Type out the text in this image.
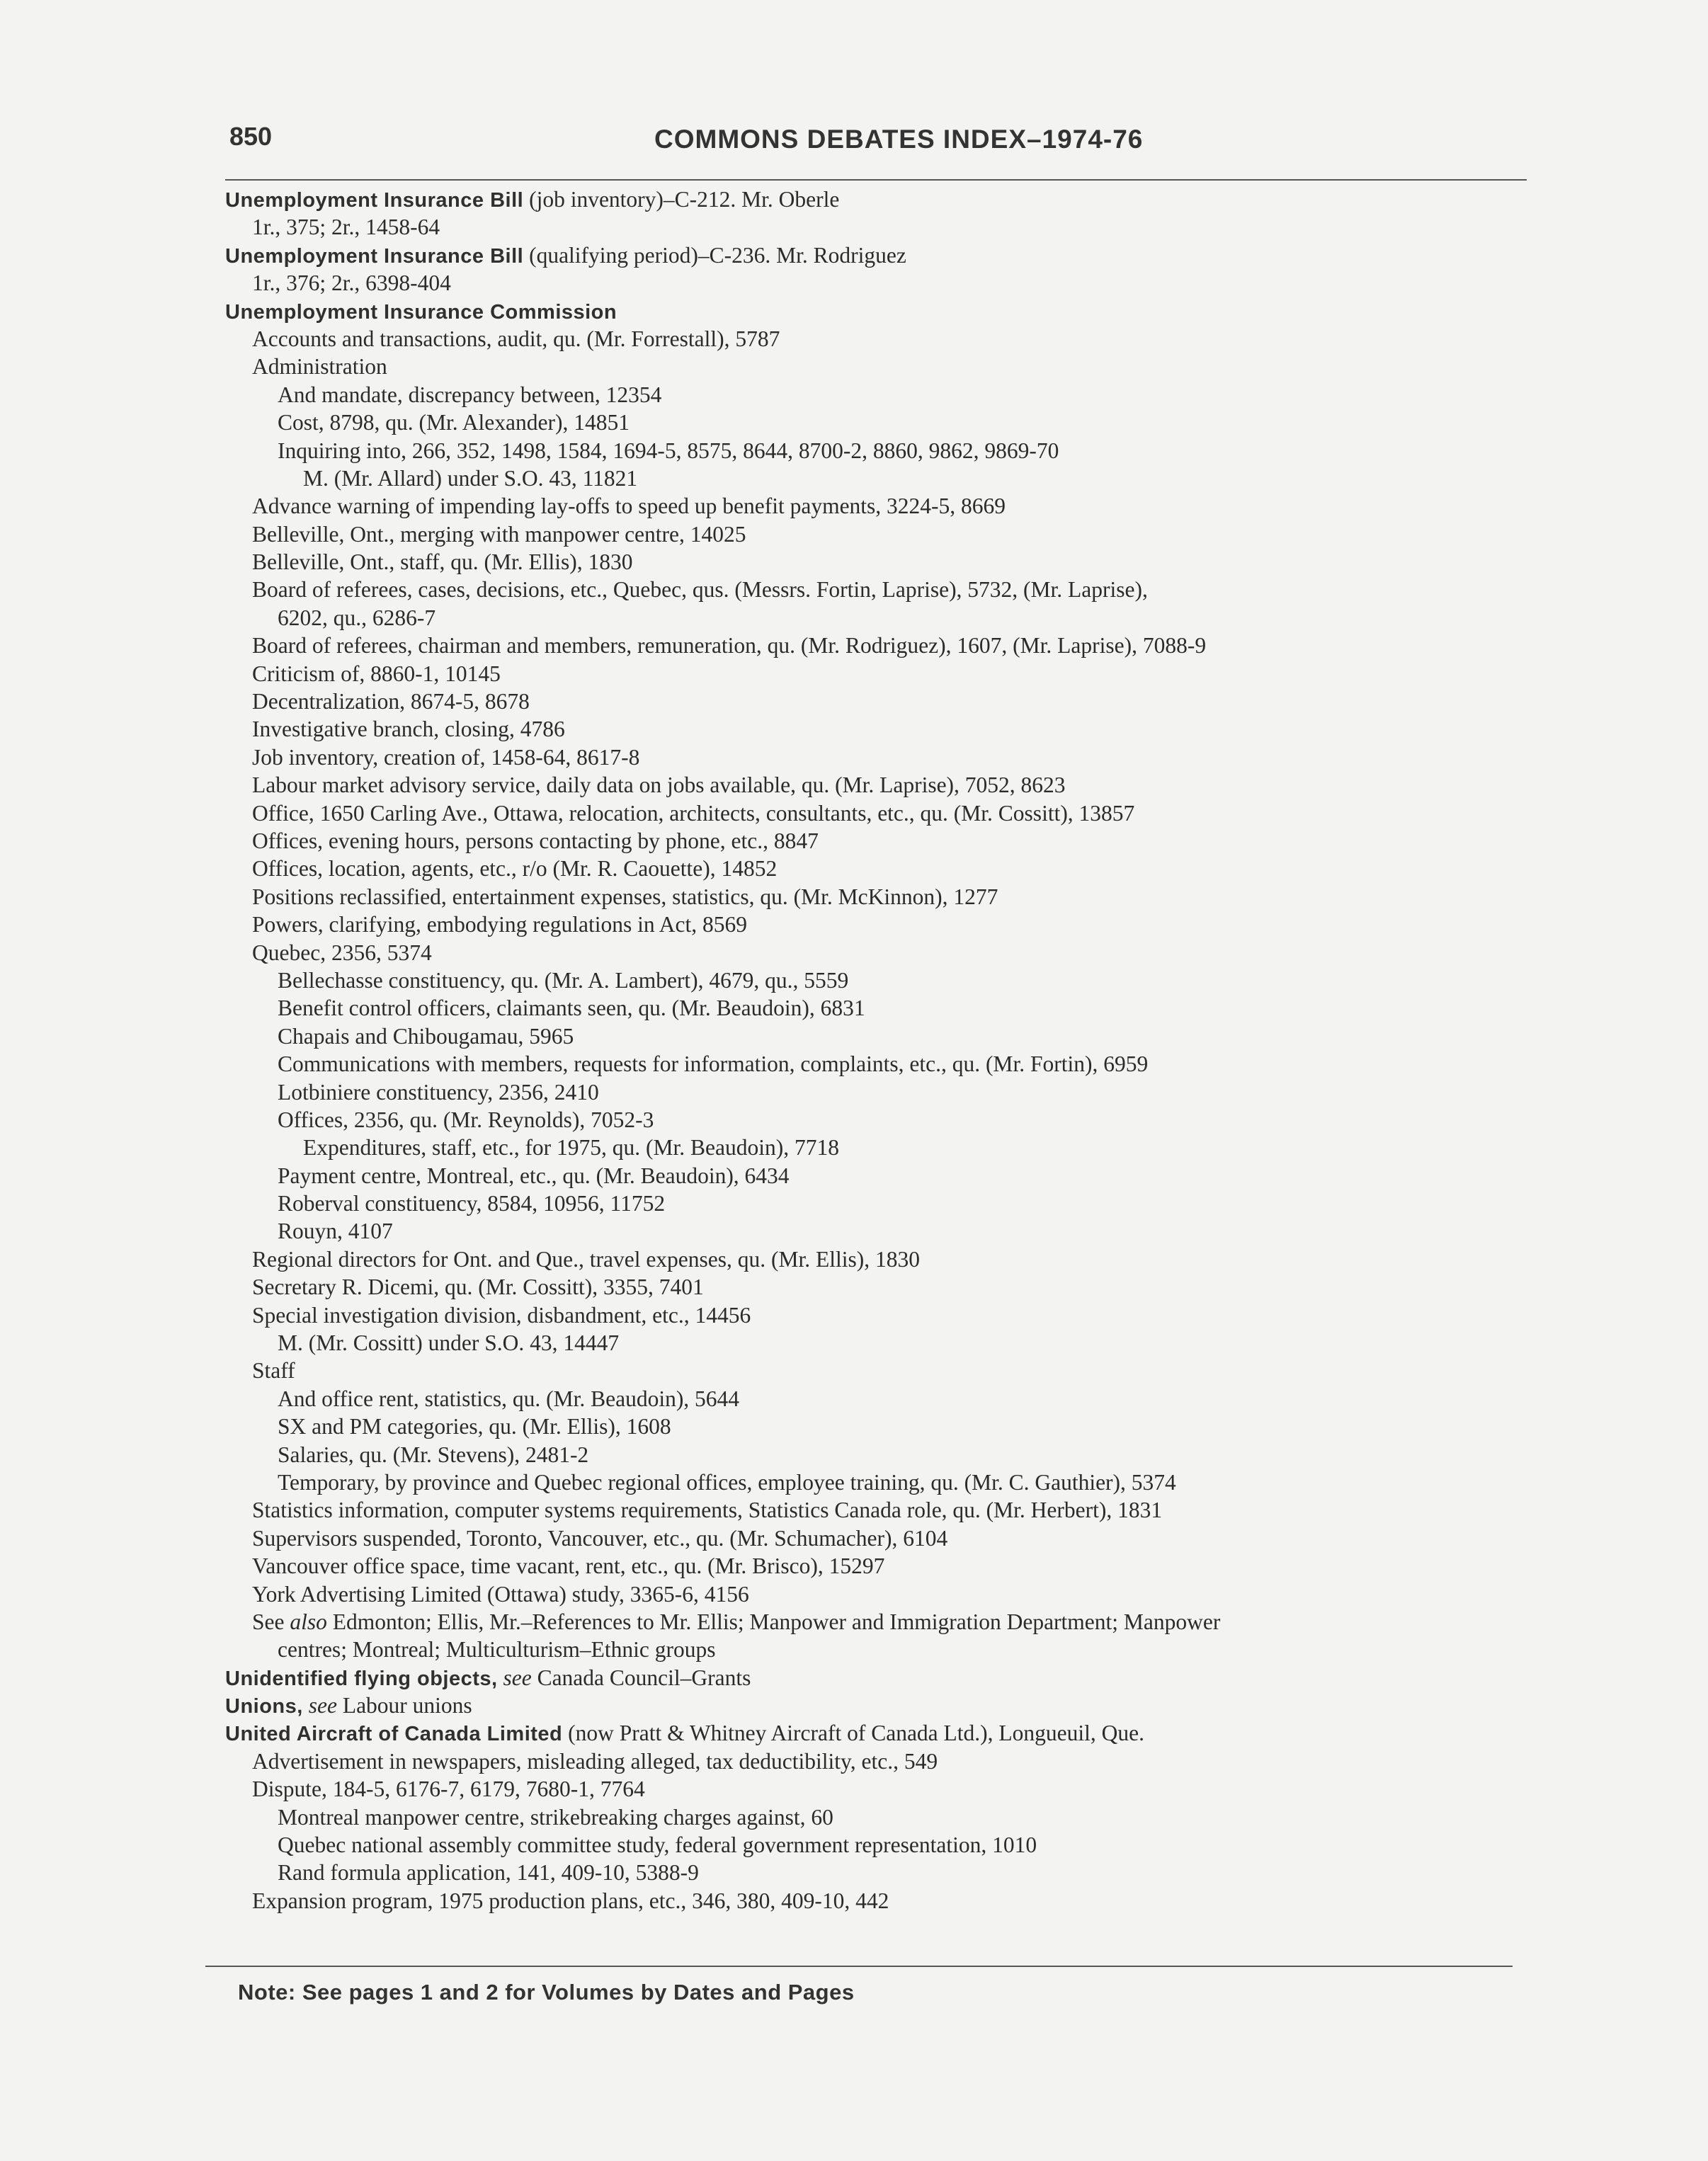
850	COMMONS DEBATES INDEX–1974-76
Unemployment Insurance Bill (job inventory)–C-212. Mr. Oberle
1r., 375; 2r., 1458-64
Unemployment Insurance Bill (qualifying period)–C-236. Mr. Rodriguez
1r., 376; 2r., 6398-404
Unemployment Insurance Commission
Accounts and transactions, audit, qu. (Mr. Forrestall), 5787
Administration
And mandate, discrepancy between, 12354
Cost, 8798, qu. (Mr. Alexander), 14851
Inquiring into, 266, 352, 1498, 1584, 1694-5, 8575, 8644, 8700-2, 8860, 9862, 9869-70
M. (Mr. Allard) under S.O. 43, 11821
Advance warning of impending lay-offs to speed up benefit payments, 3224-5, 8669
Belleville, Ont., merging with manpower centre, 14025
Belleville, Ont., staff, qu. (Mr. Ellis), 1830
Board of referees, cases, decisions, etc., Quebec, qus. (Messrs. Fortin, Laprise), 5732, (Mr. Laprise),
6202, qu., 6286-7
Board of referees, chairman and members, remuneration, qu. (Mr. Rodriguez), 1607, (Mr. Laprise), 7088-9
Criticism of, 8860-1, 10145
Decentralization, 8674-5, 8678
Investigative branch, closing, 4786
Job inventory, creation of, 1458-64, 8617-8
Labour market advisory service, daily data on jobs available, qu. (Mr. Laprise), 7052, 8623
Office, 1650 Carling Ave., Ottawa, relocation, architects, consultants, etc., qu. (Mr. Cossitt), 13857
Offices, evening hours, persons contacting by phone, etc., 8847
Offices, location, agents, etc., r/o (Mr. R. Caouette), 14852
Positions reclassified, entertainment expenses, statistics, qu. (Mr. McKinnon), 1277
Powers, clarifying, embodying regulations in Act, 8569
Quebec, 2356, 5374
Bellechasse constituency, qu. (Mr. A. Lambert), 4679, qu., 5559
Benefit control officers, claimants seen, qu. (Mr. Beaudoin), 6831
Chapais and Chibougamau, 5965
Communications with members, requests for information, complaints, etc., qu. (Mr. Fortin), 6959
Lotbiniere constituency, 2356, 2410
Offices, 2356, qu. (Mr. Reynolds), 7052-3
Expenditures, staff, etc., for 1975, qu. (Mr. Beaudoin), 7718
Payment centre, Montreal, etc., qu. (Mr. Beaudoin), 6434
Roberval constituency, 8584, 10956, 11752
Rouyn, 4107
Regional directors for Ont. and Que., travel expenses, qu. (Mr. Ellis), 1830
Secretary R. Dicemi, qu. (Mr. Cossitt), 3355, 7401
Special investigation division, disbandment, etc., 14456
M. (Mr. Cossitt) under S.O. 43, 14447
Staff
And office rent, statistics, qu. (Mr. Beaudoin), 5644
SX and PM categories, qu. (Mr. Ellis), 1608
Salaries, qu. (Mr. Stevens), 2481-2
Temporary, by province and Quebec regional offices, employee training, qu. (Mr. C. Gauthier), 5374
Statistics information, computer systems requirements, Statistics Canada role, qu. (Mr. Herbert), 1831
Supervisors suspended, Toronto, Vancouver, etc., qu. (Mr. Schumacher), 6104
Vancouver office space, time vacant, rent, etc., qu. (Mr. Brisco), 15297
York Advertising Limited (Ottawa) study, 3365-6, 4156
See also Edmonton; Ellis, Mr.–References to Mr. Ellis; Manpower and Immigration Department; Manpower
centres; Montreal; Multiculturism–Ethnic groups
Unidentified flying objects, see Canada Council–Grants
Unions, see Labour unions
United Aircraft of Canada Limited (now Pratt & Whitney Aircraft of Canada Ltd.), Longueuil, Que.
Advertisement in newspapers, misleading alleged, tax deductibility, etc., 549
Dispute, 184-5, 6176-7, 6179, 7680-1, 7764
Montreal manpower centre, strikebreaking charges against, 60
Quebec national assembly committee study, federal government representation, 1010
Rand formula application, 141, 409-10, 5388-9
Expansion program, 1975 production plans, etc., 346, 380, 409-10, 442
Note: See pages 1 and 2 for Volumes by Dates and Pages
